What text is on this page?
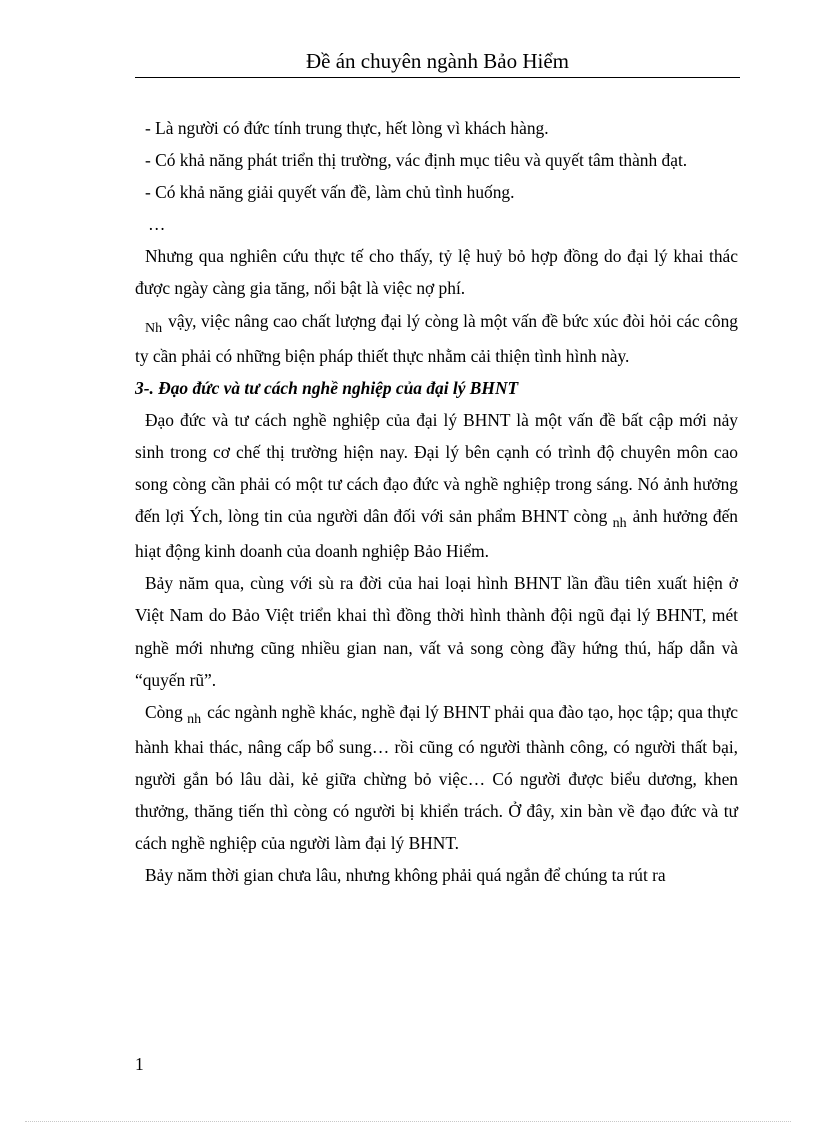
Đề án chuyên ngành Bảo Hiểm

- Là người có đức tính trung thực, hết lòng vì khách hàng.

- Có khả năng phát triển thị trường, vác định mục tiêu và quyết tâm thành đạt.

- Có khả năng giải quyết vấn đề, làm chủ tình huống.

…

Nhưng qua nghiên cứu thực tế cho thấy, tỷ lệ huỷ bỏ hợp đồng do đại lý khai thác được ngày càng gia tăng, nổi bật là việc nợ phí.

$_{Nh}$ vậy, việc nâng cao chất lượng đại lý còng là một vấn đề bức xúc đòi hỏi các công ty cần phải có những biện pháp thiết thực nhằm cải thiện tình hình này.

3-. Đạo đức và tư cách nghề nghiệp của đại lý BHNT

Đạo đức và tư cách nghề nghiệp của đại lý BHNT là một vấn đề bất cập mới nảy sinh trong cơ chế thị trường hiện nay. Đại lý bên cạnh có trình độ chuyên môn cao song còng cần phải có một tư cách đạo đức và nghề nghiệp trong sáng. Nó ảnh hưởng đến lợi Ých, lòng tin của người dân đối với sản phẩm BHNT còng $_{nh}$ ảnh hưởng đến hiạt động kinh doanh của doanh nghiệp Bảo Hiểm.

Bảy năm qua, cùng với sù ra đời của hai loại hình BHNT lần đầu tiên xuất hiện ở Việt Nam do Bảo Việt triển khai thì đồng thời hình thành đội ngũ đại lý BHNT, mét nghề mới nhưng cũng nhiều gian nan, vất vả song còng đầy hứng thú, hấp dẫn và “quyến rũ”.

Còng $_{nh}$ các ngành nghề khác, nghề đại lý BHNT phải qua đào tạo, học tập; qua thực hành khai thác, nâng cấp bổ sung… rồi cũng có người thành công, có người thất bại, người gắn bó lâu dài, kẻ giữa chừng bỏ việc… Có người được biểu dương, khen thưởng, thăng tiến thì còng có người bị khiển trách. Ở đây, xin bàn về đạo đức và tư cách nghề nghiệp của người làm đại lý BHNT.

Bảy năm thời gian chưa lâu, nhưng không phải quá ngắn để chúng ta rút ra

1
